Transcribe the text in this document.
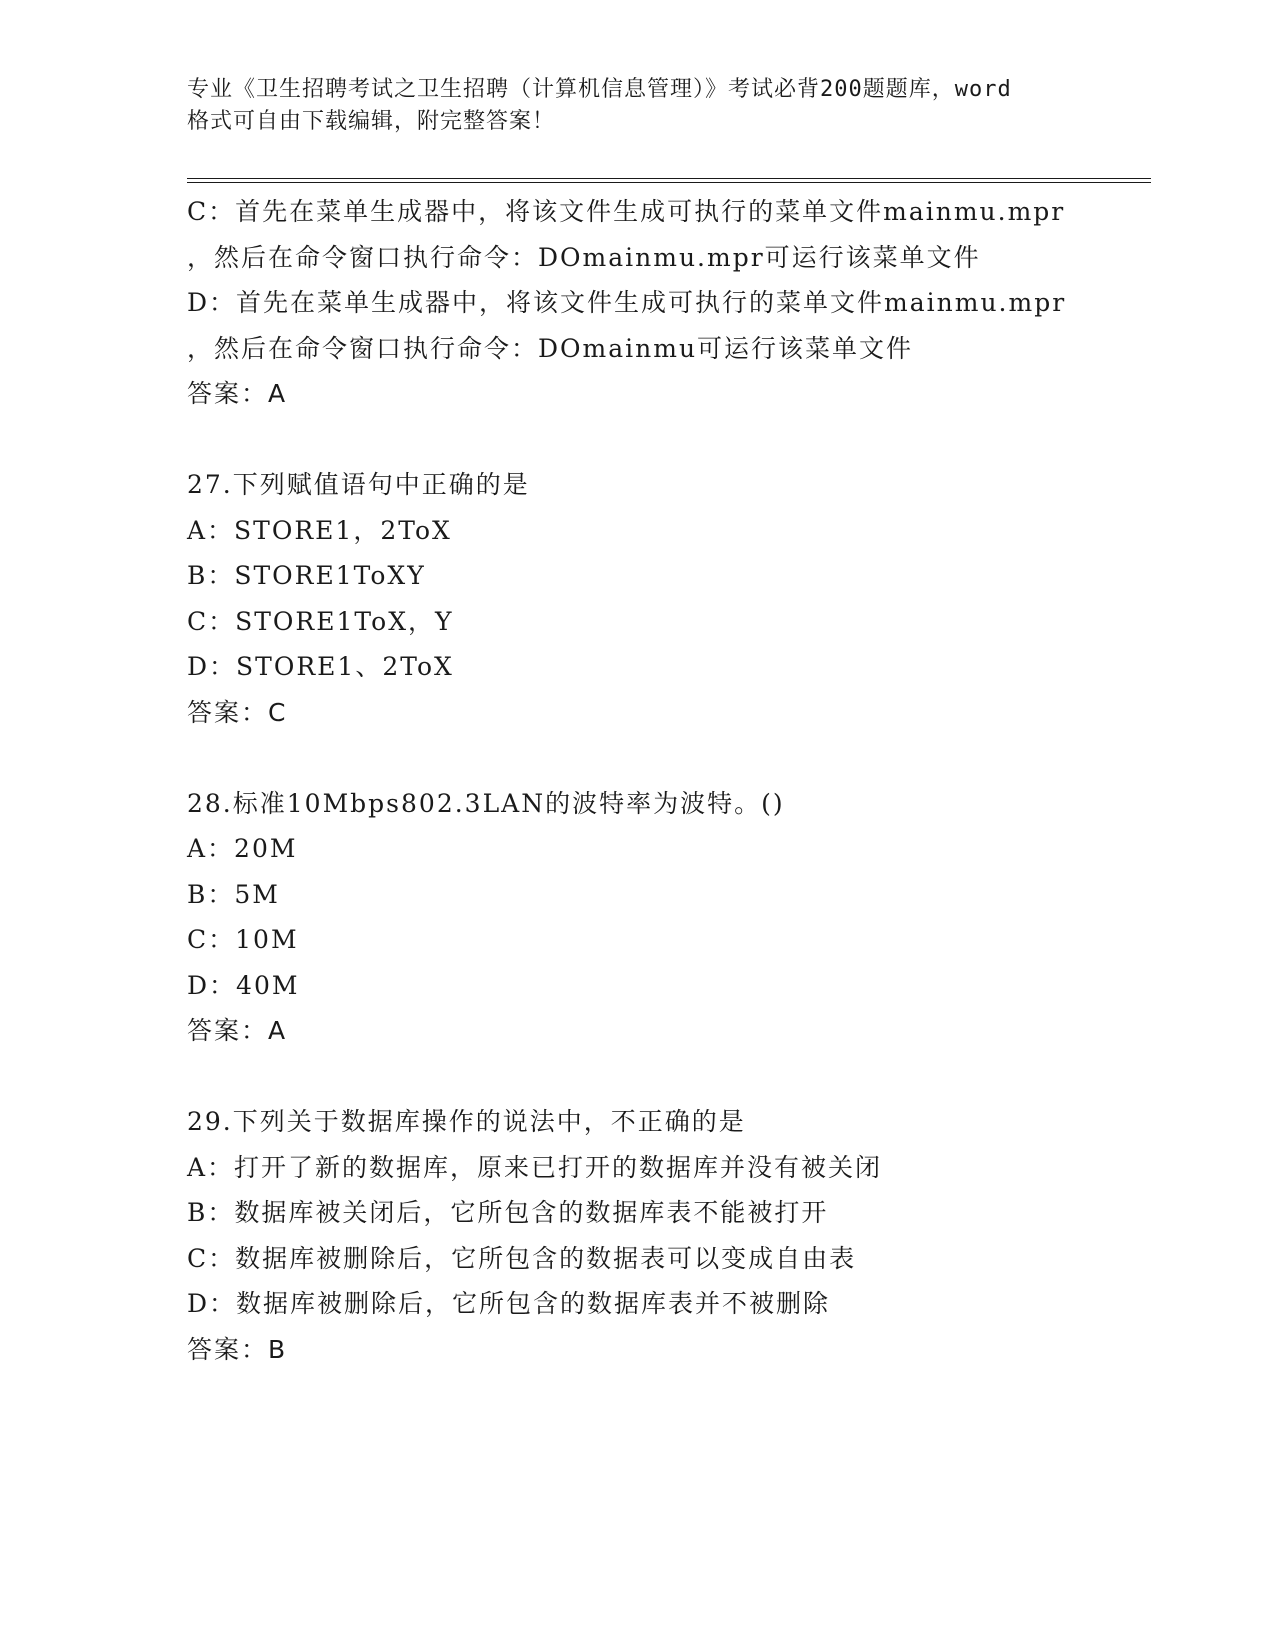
专业《卫生招聘考试之卫生招聘（计算机信息管理）》考试必背200题题库，word
格式可自由下载编辑，附完整答案！
C：首先在菜单生成器中，将该文件生成可执行的菜单文件mainmu.mpr
，然后在命令窗口执行命令：DOmainmu.mpr可运行该菜单文件
D：首先在菜单生成器中，将该文件生成可执行的菜单文件mainmu.mpr
，然后在命令窗口执行命令：DOmainmu可运行该菜单文件
答案：A
27.下列赋值语句中正确的是
A：STORE1，2ToX
B：STORE1ToXY
C：STORE1ToX，Y
D：STORE1、2ToX
答案：C
28.标准10Mbps802.3LAN的波特率为波特。()
A：20M
B：5M
C：10M
D：40M
答案：A
29.下列关于数据库操作的说法中，不正确的是
A：打开了新的数据库，原来已打开的数据库并没有被关闭
B：数据库被关闭后，它所包含的数据库表不能被打开
C：数据库被删除后，它所包含的数据表可以变成自由表
D：数据库被删除后，它所包含的数据库表并不被删除
答案：B
